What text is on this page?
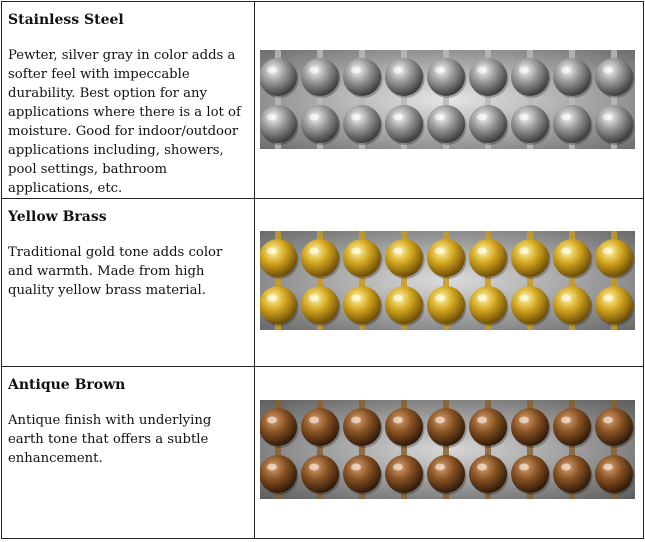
Stainless Steel

Pewter, silver gray in color adds a softer feel with impeccable durability. Best option for any applications where there is a lot of moisture. Good for indoor/outdoor applications including, showers, pool settings, bathroom applications, etc.

Yellow Brass

Traditional gold tone adds color and warmth. Made from high quality yellow brass material.

Antique Brown

Antique finish with underlying earth tone that offers a subtle enhancement.
